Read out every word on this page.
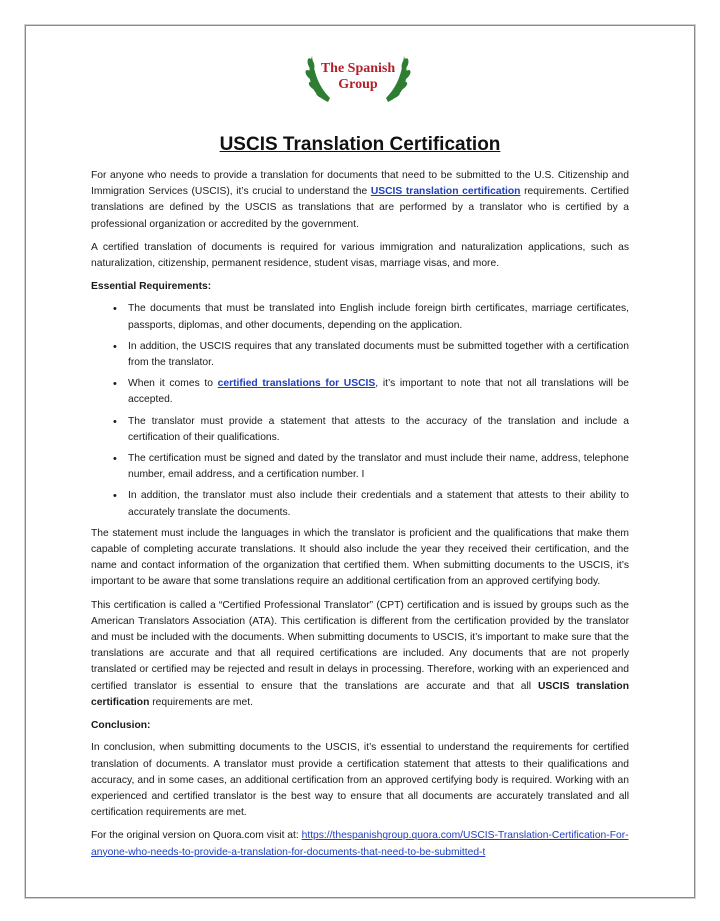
The Spanish
Group
USCIS Translation Certification

For anyone who needs to provide a translation for documents that need to be submitted to the U.S. Citizenship and Immigration Services (USCIS), it’s crucial to understand the USCIS translation certification requirements. Certified translations are defined by the USCIS as translations that are performed by a translator who is certified by a professional organization or accredited by the government.

A certified translation of documents is required for various immigration and naturalization applications, such as naturalization, citizenship, permanent residence, student visas, marriage visas, and more.

Essential Requirements:

• The documents that must be translated into English include foreign birth certificates, marriage certificates, passports, diplomas, and other documents, depending on the application.
• In addition, the USCIS requires that any translated documents must be submitted together with a certification from the translator.
• When it comes to certified translations for USCIS, it’s important to note that not all translations will be accepted.
• The translator must provide a statement that attests to the accuracy of the translation and include a certification of their qualifications.
• The certification must be signed and dated by the translator and must include their name, address, telephone number, email address, and a certification number. I
• In addition, the translator must also include their credentials and a statement that attests to their ability to accurately translate the documents.

The statement must include the languages in which the translator is proficient and the qualifications that make them capable of completing accurate translations. It should also include the year they received their certification, and the name and contact information of the organization that certified them. When submitting documents to the USCIS, it’s important to be aware that some translations require an additional certification from an approved certifying body.

This certification is called a “Certified Professional Translator” (CPT) certification and is issued by groups such as the American Translators Association (ATA). This certification is different from the certification provided by the translator and must be included with the documents. When submitting documents to USCIS, it’s important to make sure that the translations are accurate and that all required certifications are included. Any documents that are not properly translated or certified may be rejected and result in delays in processing. Therefore, working with an experienced and certified translator is essential to ensure that the translations are accurate and that all USCIS translation certification requirements are met.

Conclusion:

In conclusion, when submitting documents to the USCIS, it’s essential to understand the requirements for certified translation of documents. A translator must provide a certification statement that attests to their qualifications and accuracy, and in some cases, an additional certification from an approved certifying body is required. Working with an experienced and certified translator is the best way to ensure that all documents are accurately translated and all certification requirements are met.

For the original version on Quora.com visit at: https://thespanishgroup.quora.com/USCIS-Translation-Certification-For-anyone-who-needs-to-provide-a-translation-for-documents-that-need-to-be-submitted-t
